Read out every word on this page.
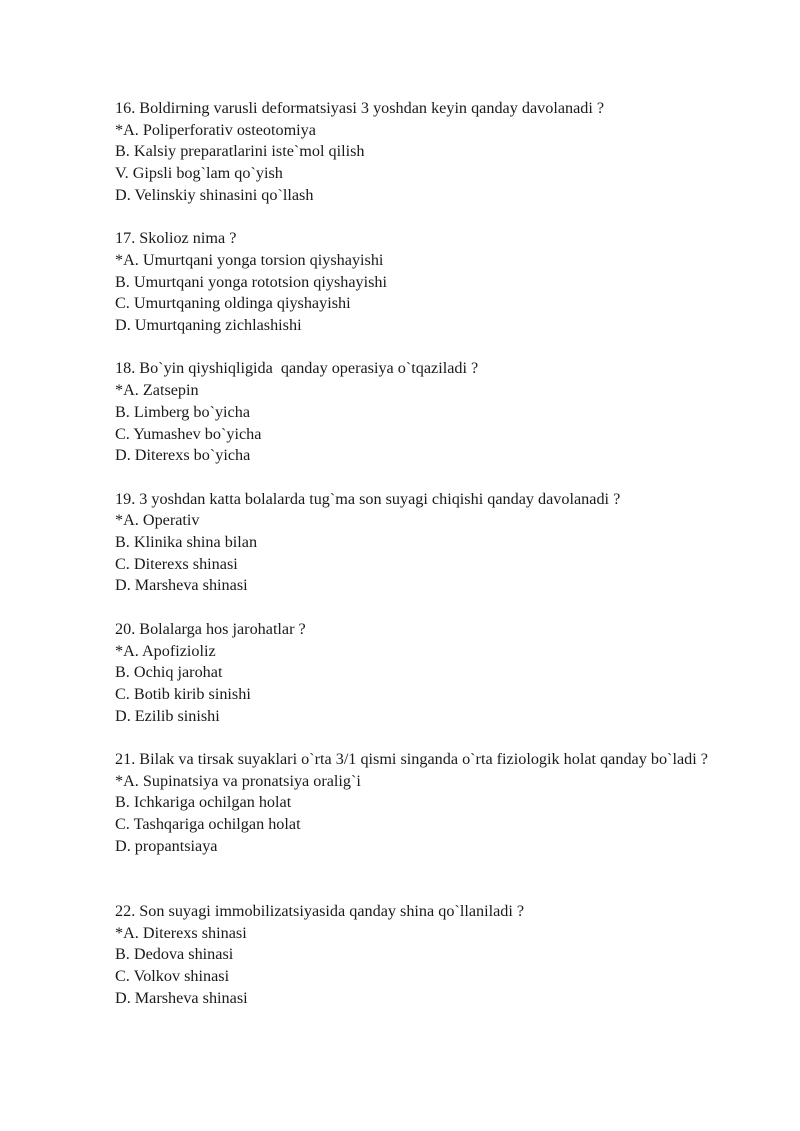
16. Boldirning varusli deformatsiyasi 3 yoshdan keyin qanday davolanadi ?
*A. Poliperforativ osteotomiya
B. Kalsiy preparatlarini iste`mol qilish
V. Gipsli bog`lam qo`yish
D. Velinskiy shinasini qo`llash
17. Skolioz nima ?
*A. Umurtqani yonga torsion qiyshayishi
B. Umurtqani yonga rototsion qiyshayishi
C. Umurtqaning oldinga qiyshayishi
D. Umurtqaning zichlashishi
18. Bo`yin qiyshiqligida  qanday operasiya o`tqaziladi ?
*A. Zatsepin
B. Limberg bo`yicha
C. Yumashev bo`yicha
D. Diterexs bo`yicha
19. 3 yoshdan katta bolalarda tug`ma son suyagi chiqishi qanday davolanadi ?
*A. Operativ
B. Klinika shina bilan
C. Diterexs shinasi
D. Marsheva shinasi
20. Bolalarga hos jarohatlar ?
*A. Apofizioliz
B. Ochiq jarohat
C. Botib kirib sinishi
D. Ezilib sinishi
21. Bilak va tirsak suyaklari o`rta 3/1 qismi singanda o`rta fiziologik holat qanday bo`ladi ?
*A. Supinatsiya va pronatsiya oralig`i
B. Ichkariga ochilgan holat
C. Tashqariga ochilgan holat
D. propantsiaya
22. Son suyagi immobilizatsiyasida qanday shina qo`llaniladi ?
*A. Diterexs shinasi
B. Dedova shinasi
C. Volkov shinasi
D. Marsheva shinasi
